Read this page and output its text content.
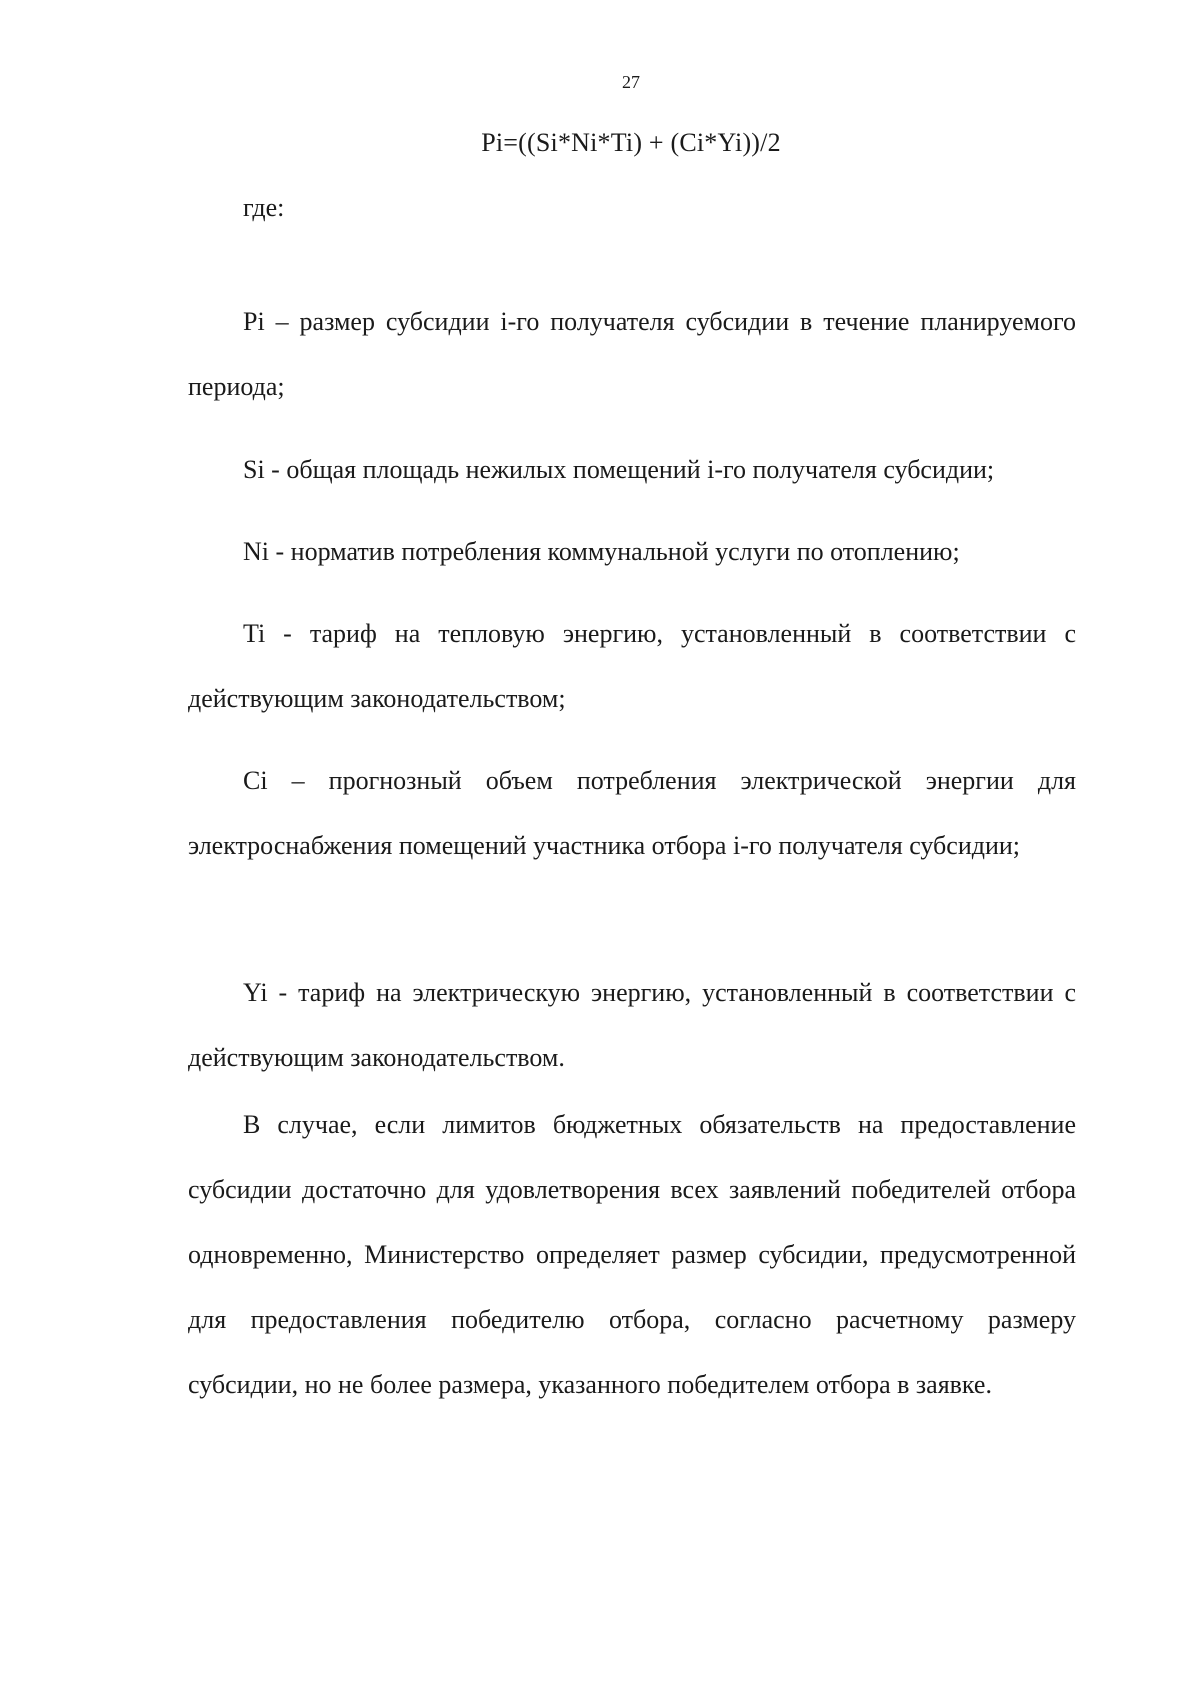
27
Pi=((Si*Ni*Ti) + (Ci*Yi))/2
где:

Pi – размер субсидии i-го получателя субсидии в течение планируемого периода;

Si - общая площадь нежилых помещений i-го получателя субсидии;

Ni - норматив потребления коммунальной услуги по отоплению;

Ti - тариф на тепловую энергию, установленный в соответствии с действующим законодательством;

Ci – прогнозный объем потребления электрической энергии для электроснабжения помещений участника отбора i-го получателя субсидии;

Yi - тариф на электрическую энергию, установленный в соответствии с действующим законодательством.

В случае, если лимитов бюджетных обязательств на предоставление субсидии достаточно для удовлетворения всех заявлений победителей отбора одновременно, Министерство определяет размер субсидии, предусмотренной для предоставления победителю отбора, согласно расчетному размеру субсидии, но не более размера, указанного победителем отбора в заявке.
